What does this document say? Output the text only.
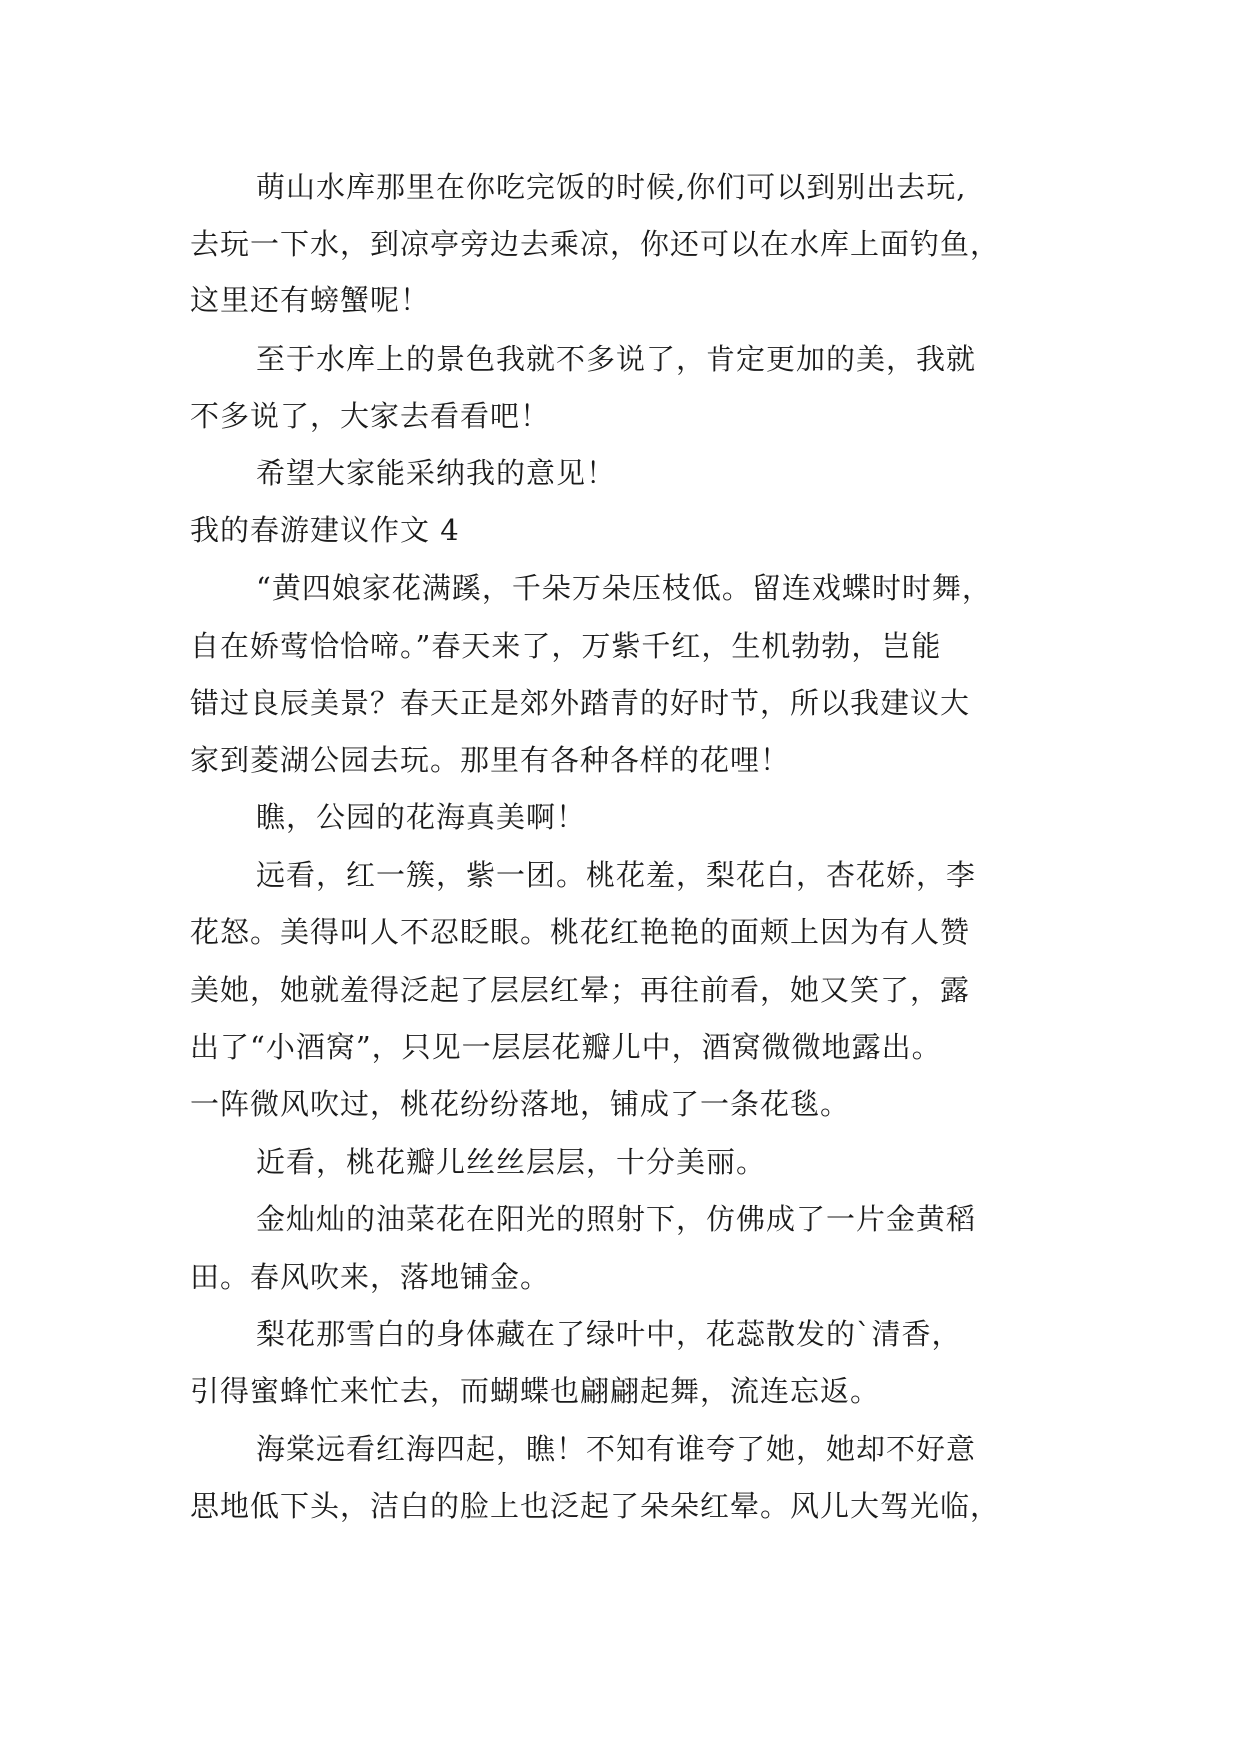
萌山水库那里在你吃完饭的时候,你们可以到别出去玩,
去玩一下水，到凉亭旁边去乘凉，你还可以在水库上面钓鱼，
这里还有螃蟹呢！
至于水库上的景色我就不多说了，肯定更加的美，我就
不多说了，大家去看看吧！
希望大家能采纳我的意见！
我的春游建议作文 4
“黄四娘家花满蹊，千朵万朵压枝低。留连戏蝶时时舞，
自在娇莺恰恰啼。”春天来了，万紫千红，生机勃勃，岂能
错过良辰美景？春天正是郊外踏青的好时节，所以我建议大
家到菱湖公园去玩。那里有各种各样的花哩！
瞧，公园的花海真美啊！
远看，红一簇，紫一团。桃花羞，梨花白，杏花娇，李
花怒。美得叫人不忍眨眼。桃花红艳艳的面颊上因为有人赞
美她，她就羞得泛起了层层红晕；再往前看，她又笑了，露
出了“小酒窝”，只见一层层花瓣儿中，酒窝微微地露出。
一阵微风吹过，桃花纷纷落地，铺成了一条花毯。
近看，桃花瓣儿丝丝层层，十分美丽。
金灿灿的油菜花在阳光的照射下，仿佛成了一片金黄稻
田。春风吹来，落地铺金。
梨花那雪白的身体藏在了绿叶中，花蕊散发的`清香，
引得蜜蜂忙来忙去，而蝴蝶也翩翩起舞，流连忘返。
海棠远看红海四起，瞧！不知有谁夸了她，她却不好意
思地低下头，洁白的脸上也泛起了朵朵红晕。风儿大驾光临，
